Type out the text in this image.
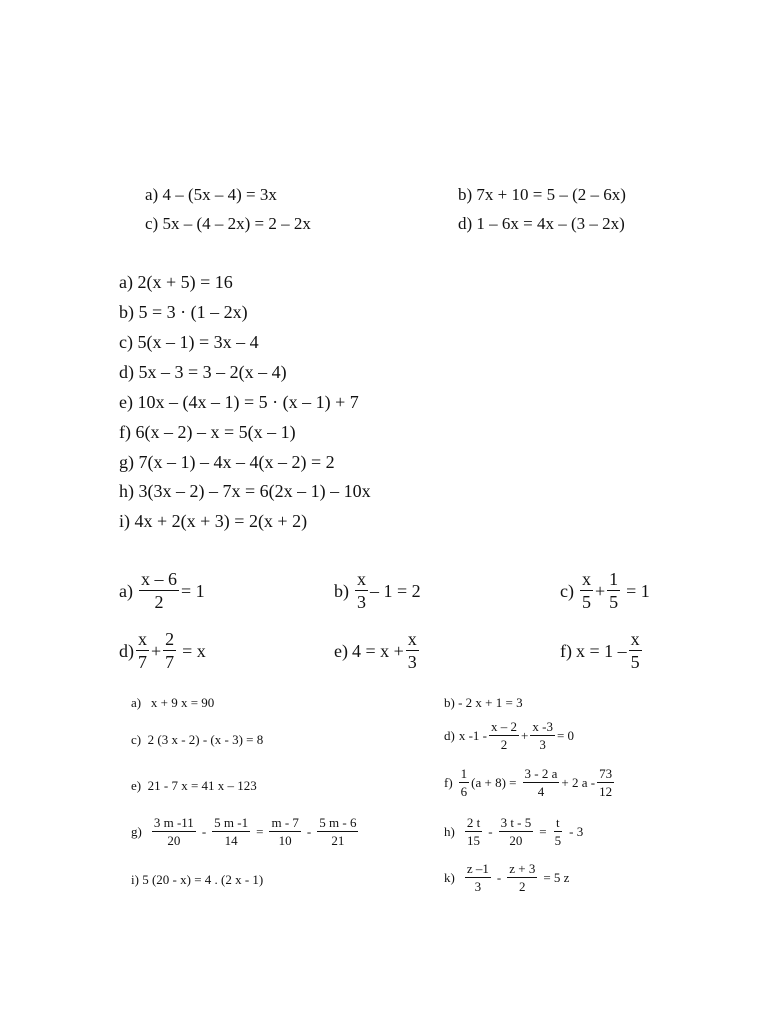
a) 4 – (5x – 4) = 3x	b) 7x + 10 = 5 – (2 – 6x)
c) 5x – (4 – 2x) = 2 – 2x	d) 1 – 6x = 4x – (3 – 2x)
a) 2(x + 5) = 16
b) 5 = 3 · (1 – 2x)
c) 5(x – 1) = 3x – 4
d) 5x – 3 = 3 – 2(x – 4)
e) 10x – (4x – 1) = 5 · (x – 1) + 7
f) 6(x – 2) – x = 5(x – 1)
g) 7(x – 1) – 4x – 4(x – 2) = 2
h) 3(3x – 2) – 7x = 6(2x – 1) – 10x
i) 4x + 2(x + 3) = 2(x + 2)
$a) \frac{x - 6}{2} = 1$	$b) \frac{x}{3} - 1 = 2$	$c) \frac{x}{5} + \frac{1}{5} = 1$
$d) \frac{x}{7} + \frac{2}{7} = x$	e) $4 = x + \frac{x}{3}$	f) $x = 1 - \frac{x}{5}$
a) x + 9 x = 90	b) - 2 x + 1 = 3
c) 2 (3 x - 2) - (x - 3) = 8	d) x $-1 - \frac{x - 2}{2} + \frac{x -3}{3} = 0$
e) 21 - 7 x = 41 x – 123	$f) \frac{1}{6} (a + 8) = \frac{3 - 2 a}{4} + 2$ a - $\frac{73}{12}$
$g) \frac{3 m -11}{20} - \frac{5 m -1}{14} = \frac{m - 7}{10} - \frac{5 m - 6}{21}$	$h) \frac{2 t}{15} - \frac{3 t - 5}{20} = \frac{t}{5} - 3$
i) 5 (20 - x) = 4 . (2 x - 1)	$k) \frac{z -1}{3} - \frac{z + 3}{2} = 5$ z
